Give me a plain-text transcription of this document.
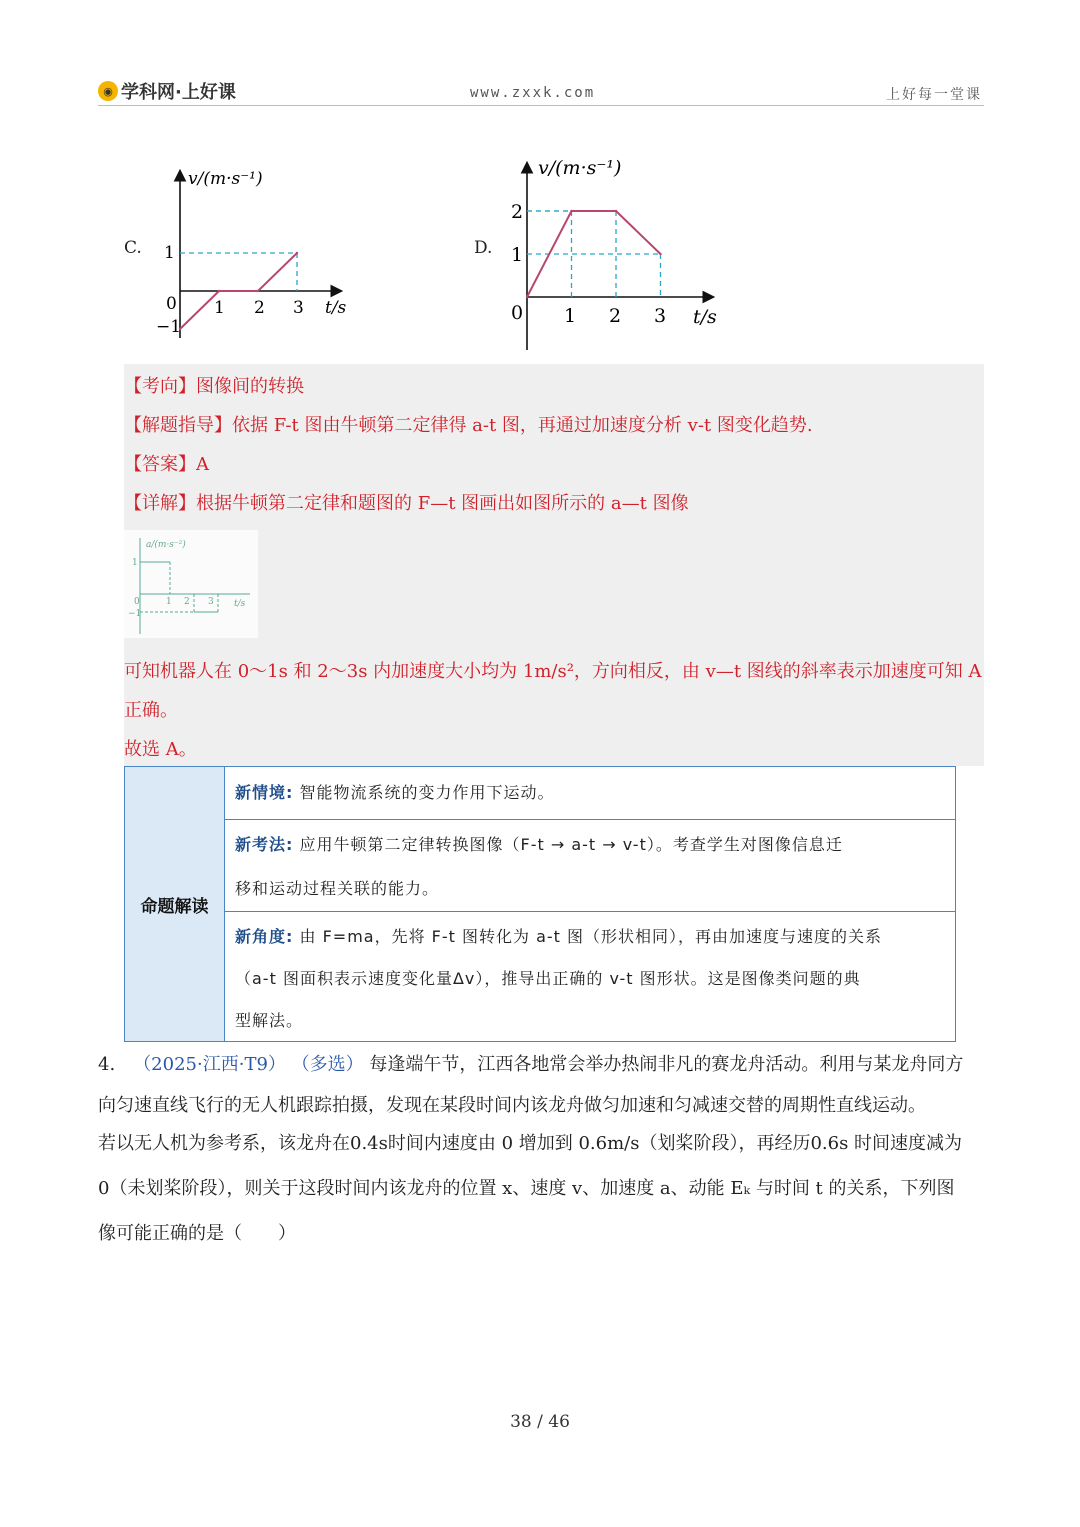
◉ 学科网·上好课	www.zxxk.com	上好每一堂课
C.
v/(m·s⁻¹)
t/s
0 1 2 3
1
−1
D.
v/(m·s⁻¹)
t/s
0 1 2 3
2
1
【考向】图像间的转换
【解题指导】依据 F-t 图由牛顿第二定律得 a-t 图，再通过加速度分析 v-t 图变化趋势.
【答案】A
【详解】根据牛顿第二定律和题图的 F—t 图画出如图所示的 a—t 图像
a/(m·s⁻²)
t/s
1
1 2 3
0
−1
可知机器人在 0～1s 和 2～3s 内加速度大小均为 1m/s²，方向相反，由 v—t 图线的斜率表示加速度可知 A
正确。
故选 A。
命题解读
新情境: 智能物流系统的变力作用下运动。
新考法: 应用牛顿第二定律转换图像（F-t → a-t → v-t）。考查学生对图像信息迁
移和运动过程关联的能力。
新角度: 由 F=ma，先将 F-t 图转化为 a-t 图（形状相同），再由加速度与速度的关系
（a-t 图面积表示速度变化量Δv），推导出正确的 v-t 图形状。这是图像类问题的典
型解法。
4. （2025·江西·T9） （多选） 每逢端午节，江西各地常会举办热闹非凡的赛龙舟活动。利用与某龙舟同方
向匀速直线飞行的无人机跟踪拍摄，发现在某段时间内该龙舟做匀加速和匀减速交替的周期性直线运动。
若以无人机为参考系，该龙舟在0.4s时间内速度由 0 增加到 0.6m/s（划桨阶段），再经历0.6s 时间速度减为
0（未划桨阶段），则关于这段时间内该龙舟的位置 x、速度 v、加速度 a、动能 Eₖ 与时间 t 的关系，下列图
像可能正确的是（　　）
38 / 46
